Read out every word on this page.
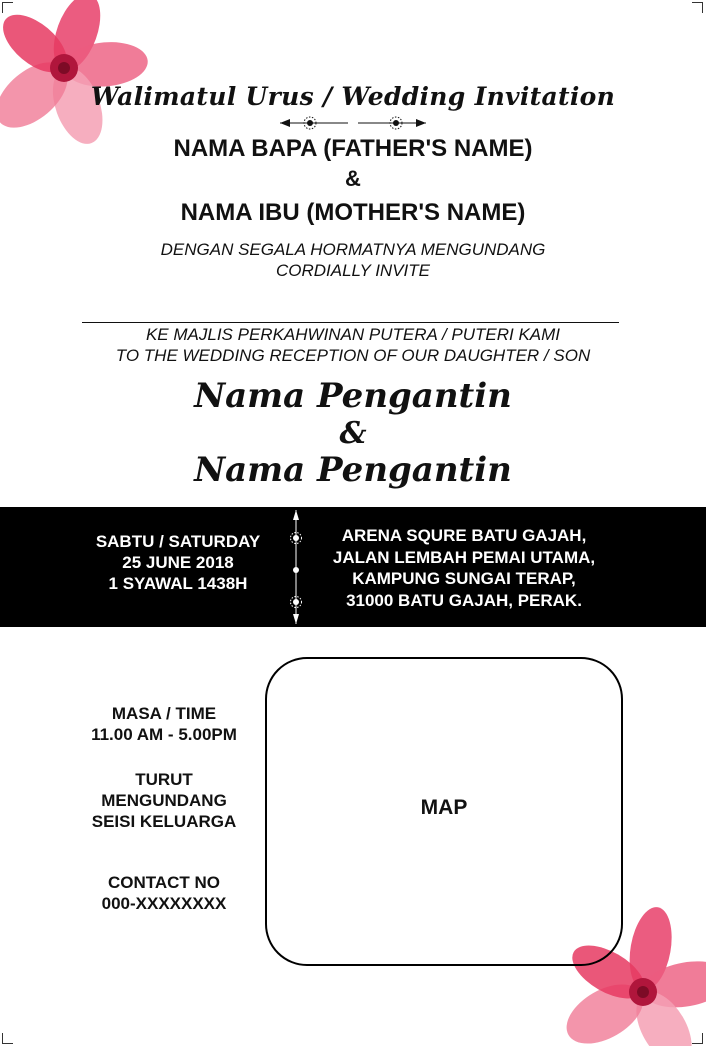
Walimatul Urus / Wedding Invitation
NAMA BAPA (FATHER'S NAME)
&
NAMA IBU (MOTHER'S NAME)
DENGAN SEGALA HORMATNYA MENGUNDANG
CORDIALLY INVITE
KE MAJLIS PERKAHWINAN PUTERA / PUTERI KAMI
TO THE WEDDING RECEPTION OF OUR DAUGHTER / SON
Nama Pengantin
&
Nama Pengantin
SABTU / SATURDAY
25 JUNE 2018
1 SYAWAL 1438H
ARENA SQURE BATU GAJAH,
JALAN LEMBAH PEMAI UTAMA,
KAMPUNG SUNGAI TERAP,
31000 BATU GAJAH, PERAK.
MASA / TIME
11.00 AM - 5.00PM
TURUT
MENGUNDANG
SEISI KELUARGA
CONTACT NO
000-XXXXXXXX
MAP
